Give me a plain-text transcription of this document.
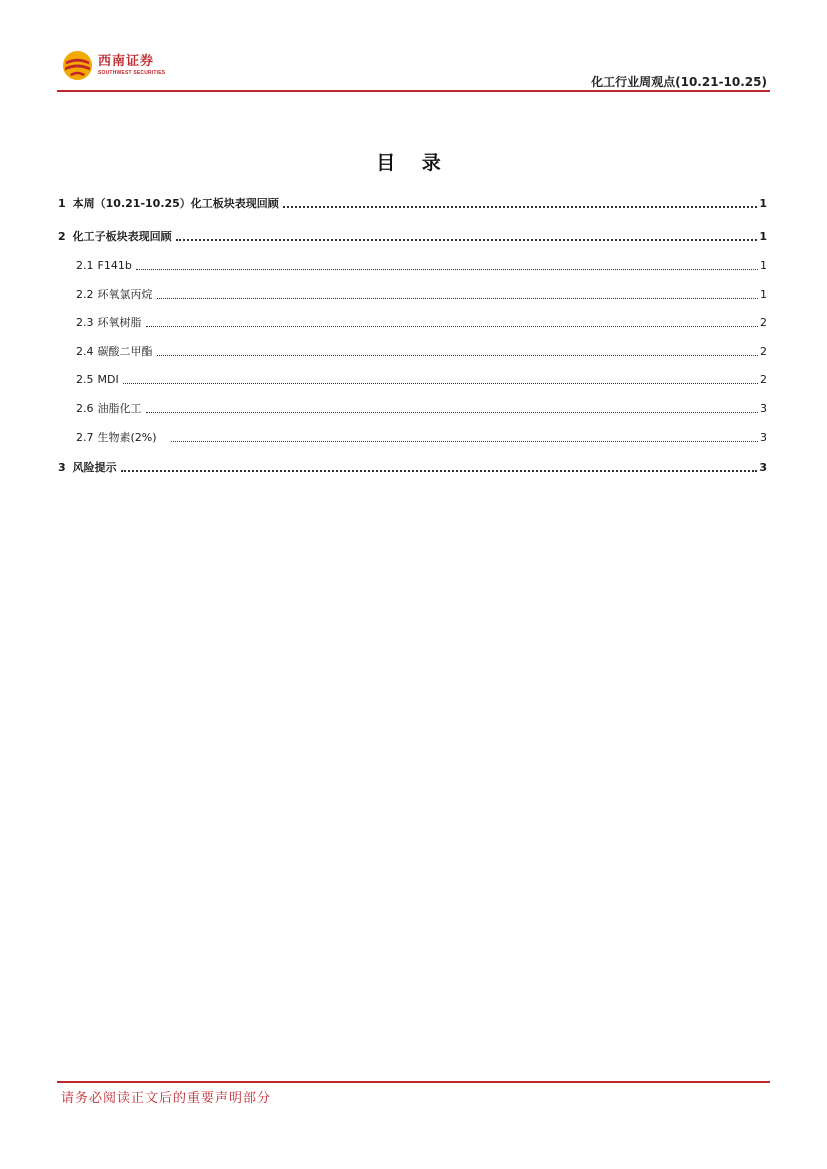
西南证券
SOUTHWEST SECURITIES
化工行业周观点(10.21-10.25)
目 录
1 本周（10.21-10.25）化工板块表现回顾	1
2 化工子板块表现回顾	1
2.1 F141b	1
2.2 环氧氯丙烷	1
2.3 环氧树脂	2
2.4 碳酸二甲酯	2
2.5 MDI	2
2.6 油脂化工	3
2.7 生物素(2%)	3
3 风险提示	3
请务必阅读正文后的重要声明部分
